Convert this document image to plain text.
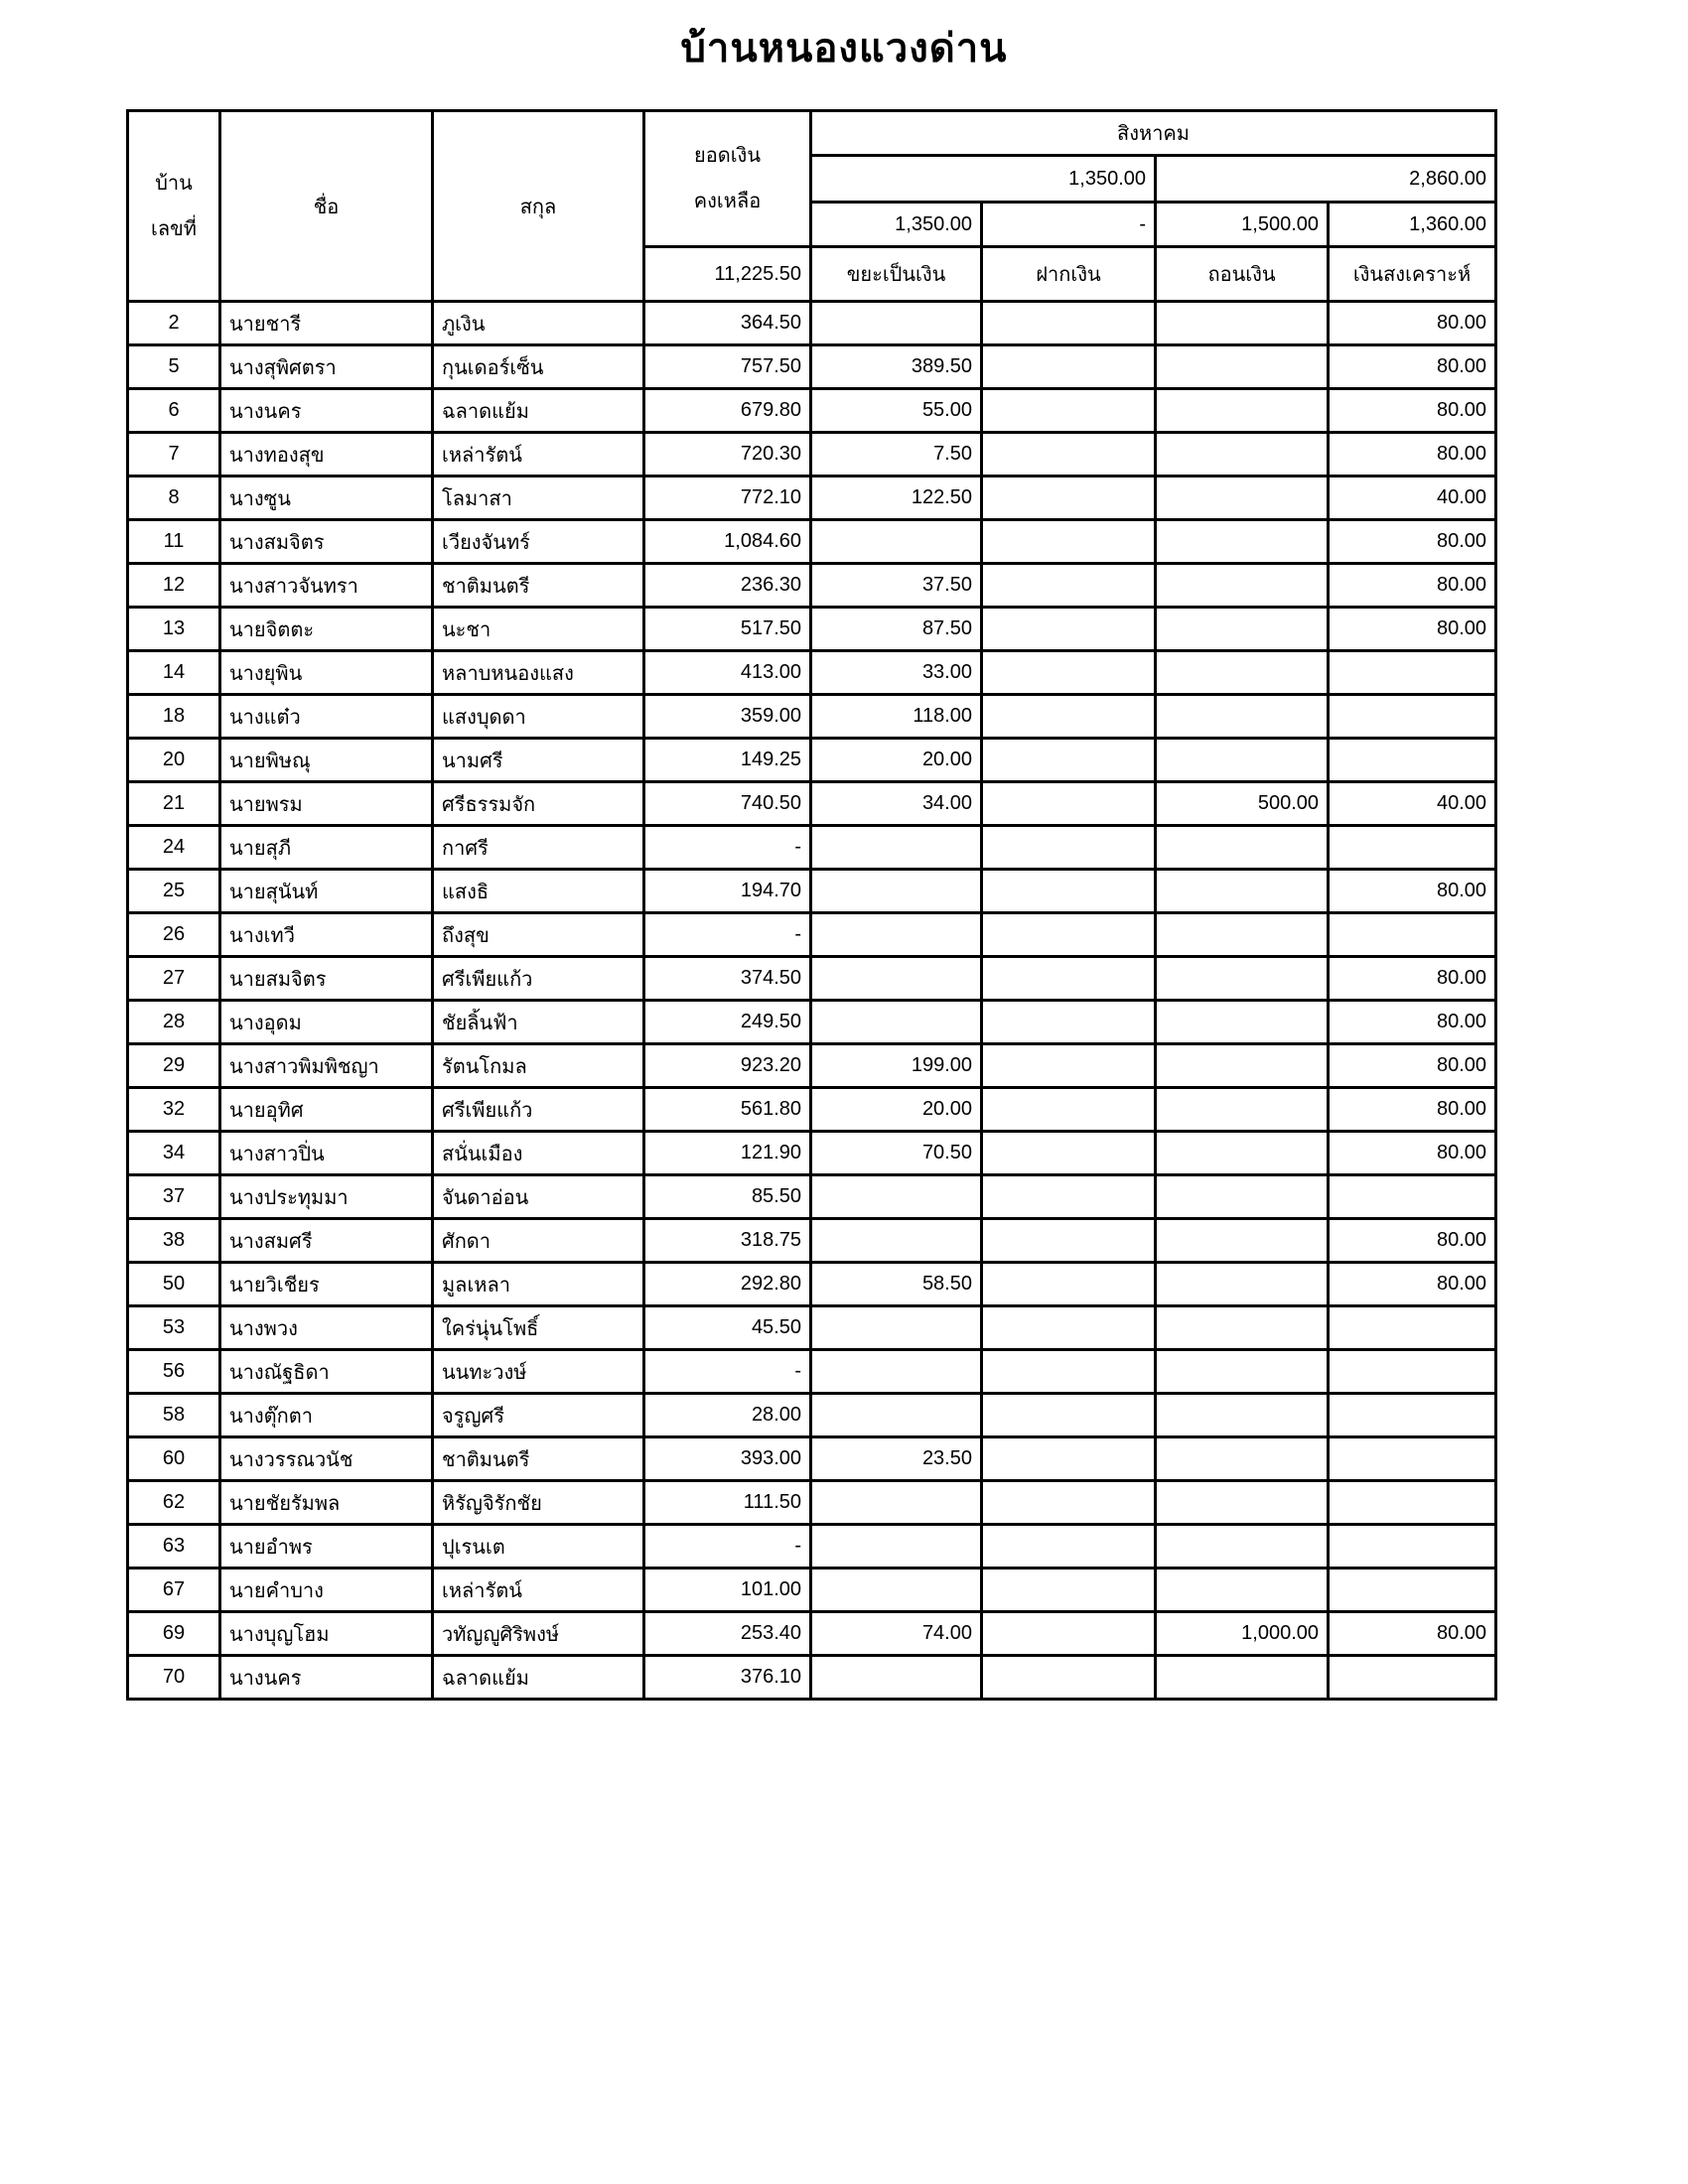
บ้านหนองแวงด่าน
บ้าน
เลขที่
	ชื่อ	สกุล	
ยอดเงิน
คงเหลือ
	สิงหาคม
				1,350.00		2,860.00	
				1,350.00	-	1,500.00	1,360.00
			11,225.50	ขยะเป็นเงิน	ฝากเงิน	ถอนเงิน	เงินสงเคราะห์
2	นายชารี	ภูเงิน	364.50				80.00
5	นางสุพิศตรา	กุนเดอร์เซ็น	757.50	389.50			80.00
6	นางนคร	ฉลาดแย้ม	679.80	55.00			80.00
7	นางทองสุข	เหล่ารัตน์	720.30	7.50			80.00
8	นางซูน	โลมาสา	772.10	122.50			40.00
11	นางสมจิตร	เวียงจันทร์	1,084.60				80.00
12	นางสาวจันทรา	ชาติมนตรี	236.30	37.50			80.00
13	นายจิตตะ	นะชา	517.50	87.50			80.00
14	นางยุพิน	หลาบหนองแสง	413.00	33.00			
18	นางแต๋ว	แสงบุดดา	359.00	118.00			
20	นายพิษณุ	นามศรี	149.25	20.00			
21	นายพรม	ศรีธรรมจัก	740.50	34.00		500.00	40.00
24	นายสุภี	กาศรี	-				
25	นายสุนันท์	แสงธิ	194.70				80.00
26	นางเทวี	ถึงสุข	-				
27	นายสมจิตร	ศรีเพียแก้ว	374.50				80.00
28	นางอุดม	ชัยลิ้นฟ้า	249.50				80.00
29	นางสาวพิมพิชญา	รัตนโกมล	923.20	199.00			80.00
32	นายอุทิศ	ศรีเพียแก้ว	561.80	20.00			80.00
34	นางสาวปิ่น	สนั่นเมือง	121.90	70.50			80.00
37	นางประทุมมา	จันดาอ่อน	85.50				
38	นางสมศรี	ศักดา	318.75				80.00
50	นายวิเชียร	มูลเหลา	292.80	58.50			80.00
53	นางพวง	ใคร่นุ่นโพธิ์	45.50				
56	นางณัฐธิดา	นนทะวงษ์	-				
58	นางตุ๊กตา	จรูญศรี	28.00				
60	นางวรรณวนัช	ชาติมนตรี	393.00	23.50			
62	นายชัยรัมพล	หิรัญจิรักชัย	111.50				
63	นายอำพร	ปุเรนเต	-				
67	นายคำบาง	เหล่ารัตน์	101.00				
69	นางบุญโฮม	วทัญญูศิริพงษ์	253.40	74.00		1,000.00	80.00
70	นางนคร	ฉลาดแย้ม	376.10				
